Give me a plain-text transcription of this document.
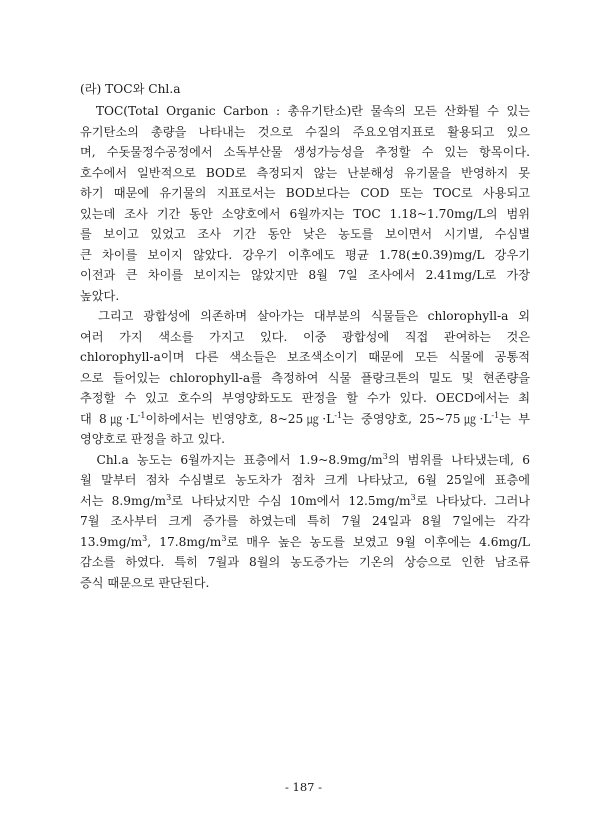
(라) TOC와 Chl.a

　TOC(Total Organic Carbon : 총유기탄소)란 물속의 모든 산화될 수 있는
유기탄소의 총량을 나타내는 것으로 수질의 주요오염지표로 활용되고 있으
며, 수돗물정수공정에서 소독부산물 생성가능성을 추정할 수 있는 항목이다.
호수에서 일반적으로 BOD로 측정되지 않는 난분해성 유기물을 반영하지 못
하기 때문에 유기물의 지표로서는 BOD보다는 COD 또는 TOC로 사용되고
있는데 조사 기간 동안 소양호에서 6월까지는 TOC 1.18~1.70mg/L의 범위
를 보이고 있었고 조사 기간 동안 낮은 농도를 보이면서 시기별, 수심별
큰 차이를 보이지 않았다. 강우기 이후에도 평균 1.78(±0.39)mg/L 강우기
이전과 큰 차이를 보이지는 않았지만 8월 7일 조사에서 2.41mg/L로 가장
높았다.
　그리고 광합성에 의존하며 살아가는 대부분의 식물들은 chlorophyll-a 외
여러 가지 색소를 가지고 있다. 이중 광합성에 직접 관여하는 것은
chlorophyll-a이며 다른 색소들은 보조색소이기 때문에 모든 식물에 공통적
으로 들어있는 chlorophyll-a를 측정하여 식물 플랑크톤의 밀도 및 현존량을
추정할 수 있고 호수의 부영양화도도 판정을 할 수가 있다. OECD에서는 최
대 $8㎍\cdot L^{-1}$이하에서는 빈영양호, $8\sim 25㎍\cdot L^{-1}$는 중영양호, $25\sim 75㎍\cdot L^{-1}$는 부
영양호로 판정을 하고 있다.
　Chl.a 농도는 6월까지는 표층에서 $1.9\sim 8.9mg/m^3$의 범위를 나타냈는데, 6
월 말부터 점차 수심별로 농도차가 점차 크게 나타났고, 6월 25일에 표층에
서는 $8.9mg/m^3$로 나타났지만 수심 10m에서 $12.5mg/m^3$로 나타났다. 그러나
7월 조사부터 크게 증가를 하였는데 특히 7월 24일과 8월 7일에는 각각
$13.9mg/m^3$, $17.8mg/m^3$로 매우 높은 농도를 보였고 9월 이후에는 4.6mg/L
감소를 하였다. 특히 7월과 8월의 농도증가는 기온의 상승으로 인한 남조류
증식 때문으로 판단된다.
- 187 -
